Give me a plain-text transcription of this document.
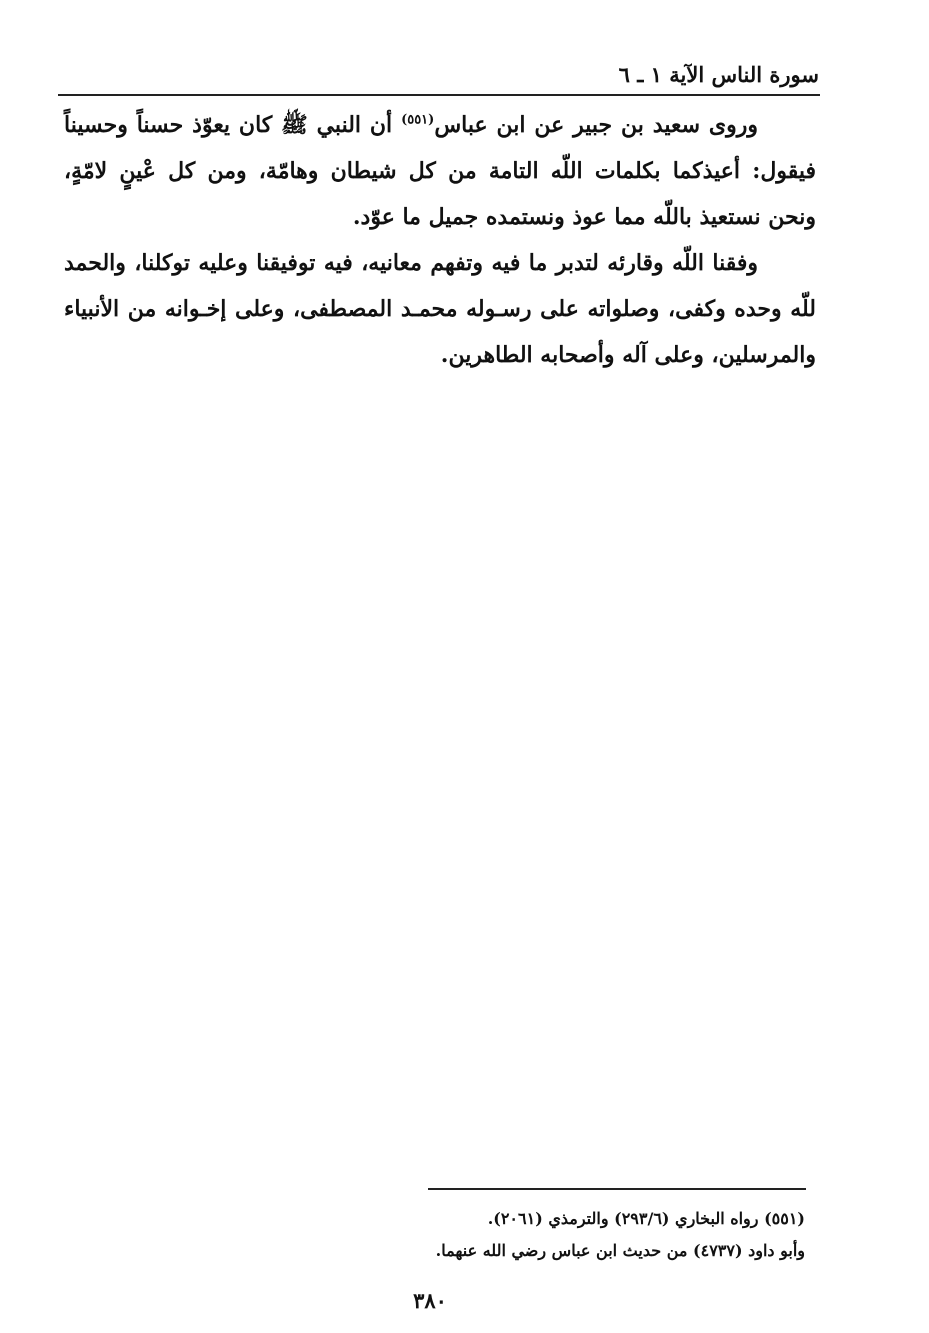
سورة الناس الآية ١ ـ ٦

وروى سعيد بن جبير عن ابن عباس$^{(٥٥١)}$ أن النبي ﷺ كان يعوّذ حسناً وحسيناً فيقول: أعيذكما بكلمات اللّه التامة من كل شيطان وهامّة، ومن كل عْينٍ لامّةٍ، ونحن نستعيذ باللّه مما عوذ ونستمده جميل ما عوّد.

وفقنا اللّه وقارئه لتدبر ما فيه وتفهم معانيه، فيه توفيقنا وعليه توكلنا، والحمد للّه وحده وكفى، وصلواته على رسـوله محمـد المصطفى، وعلى إخـوانه من الأنبياء والمرسلين، وعلى آله وأصحابه الطاهرين.

(٥٥١) رواه البخاري (٢٩٣/٦) والترمذي (٢٠٦١).
وأبو داود (٤٧٣٧) من حديث ابن عباس رضي الله عنهما.
٣٨٠
